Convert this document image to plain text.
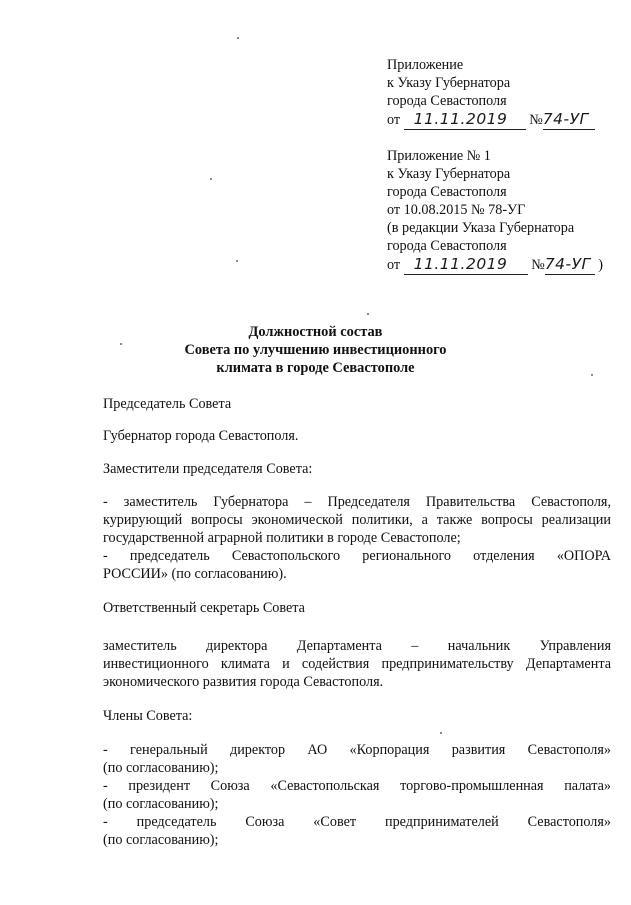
Приложение
к Указу Губернатора
города Севастополя
от 11.11.2019 №74-УГ
Приложение № 1
к Указу Губернатора
города Севастополя
от 10.08.2015 № 78-УГ
(в редакции Указа Губернатора
города Севастополя
от 11.11.2019 №74-УГ )
Должностной состав
Совета по улучшению инвестиционного
климата в городе Севастополе
Председатель Совета
Губернатор города Севастополя.
Заместители председателя Совета:
- заместитель Губернатора – Председателя Правительства Севастополя,
курирующий вопросы экономической политики, а также вопросы реализации
государственной аграрной политики в городе Севастополе;
- председатель Севастопольского регионального отделения «ОПОРА
РОССИИ» (по согласованию).
Ответственный секретарь Совета
заместитель директора Департамента – начальник Управления
инвестиционного климата и содействия предпринимательству Департамента
экономического развития города Севастополя.
Члены Совета:
- генеральный директор АО «Корпорация развития Севастополя»
(по согласованию);
- президент Союза «Севастопольская торгово-промышленная палата»
(по согласованию);
- председатель Союза «Совет предпринимателей Севастополя»
(по согласованию);
